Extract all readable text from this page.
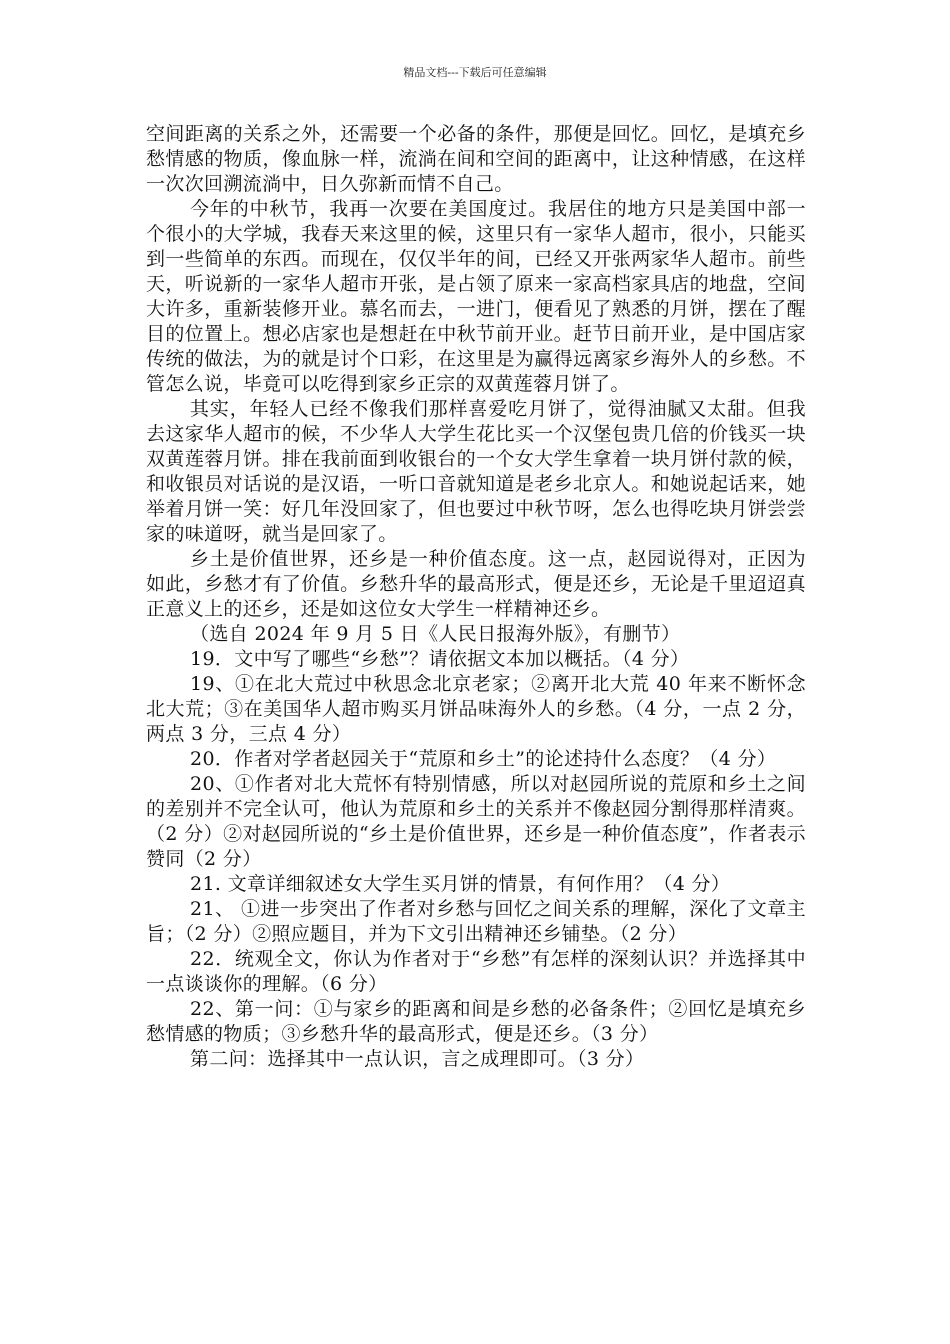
精品文档---下载后可任意编辑

空间距离的关系之外，还需要一个必备的条件，那便是回忆。回忆，是填充乡愁情感的物质，像血脉一样，流淌在间和空间的距离中，让这种情感，在这样一次次回溯流淌中，日久弥新而情不自己。

今年的中秋节，我再一次要在美国度过。我居住的地方只是美国中部一个很小的大学城，我春天来这里的候，这里只有一家华人超市，很小，只能买到一些简单的东西。而现在，仅仅半年的间，已经又开张两家华人超市。前些天，听说新的一家华人超市开张，是占领了原来一家高档家具店的地盘，空间大许多，重新装修开业。慕名而去，一进门，便看见了熟悉的月饼，摆在了醒目的位置上。想必店家也是想赶在中秋节前开业。赶节日前开业，是中国店家传统的做法，为的就是讨个口彩，在这里是为赢得远离家乡海外人的乡愁。不管怎么说，毕竟可以吃得到家乡正宗的双黄莲蓉月饼了。

其实，年轻人已经不像我们那样喜爱吃月饼了，觉得油腻又太甜。但我去这家华人超市的候，不少华人大学生花比买一个汉堡包贵几倍的价钱买一块双黄莲蓉月饼。排在我前面到收银台的一个女大学生拿着一块月饼付款的候，和收银员对话说的是汉语，一听口音就知道是老乡北京人。和她说起话来，她举着月饼一笑：好几年没回家了，但也要过中秋节呀，怎么也得吃块月饼尝尝家的味道呀，就当是回家了。

乡土是价值世界，还乡是一种价值态度。这一点，赵园说得对，正因为如此，乡愁才有了价值。乡愁升华的最高形式，便是还乡，无论是千里迢迢真正意义上的还乡，还是如这位女大学生一样精神还乡。

（选自 2024 年 9 月 5 日《人民日报海外版》，有删节）

19．文中写了哪些“乡愁”？请依据文本加以概括。（4 分）

19、①在北大荒过中秋思念北京老家；②离开北大荒 40 年来不断怀念北大荒；③在美国华人超市购买月饼品味海外人的乡愁。（4 分，一点 2 分，两点 3 分，三点 4 分）

20．作者对学者赵园关于“荒原和乡土”的论述持什么态度？（4 分）

20、①作者对北大荒怀有特别情感，所以对赵园所说的荒原和乡土之间的差别并不完全认可，他认为荒原和乡土的关系并不像赵园分割得那样清爽。（2 分）②对赵园所说的“乡土是价值世界，还乡是一种价值态度”，作者表示赞同（2 分）

21. 文章详细叙述女大学生买月饼的情景，有何作用？（4 分）

21、 ①进一步突出了作者对乡愁与回忆之间关系的理解，深化了文章主旨；（2 分）②照应题目，并为下文引出精神还乡铺垫。（2 分）

22．统观全文，你认为作者对于“乡愁”有怎样的深刻认识？并选择其中一点谈谈你的理解。（6 分）

22、第一问：①与家乡的距离和间是乡愁的必备条件；②回忆是填充乡愁情感的物质；③乡愁升华的最高形式，便是还乡。（3 分）

第二问：选择其中一点认识，言之成理即可。（3 分）
